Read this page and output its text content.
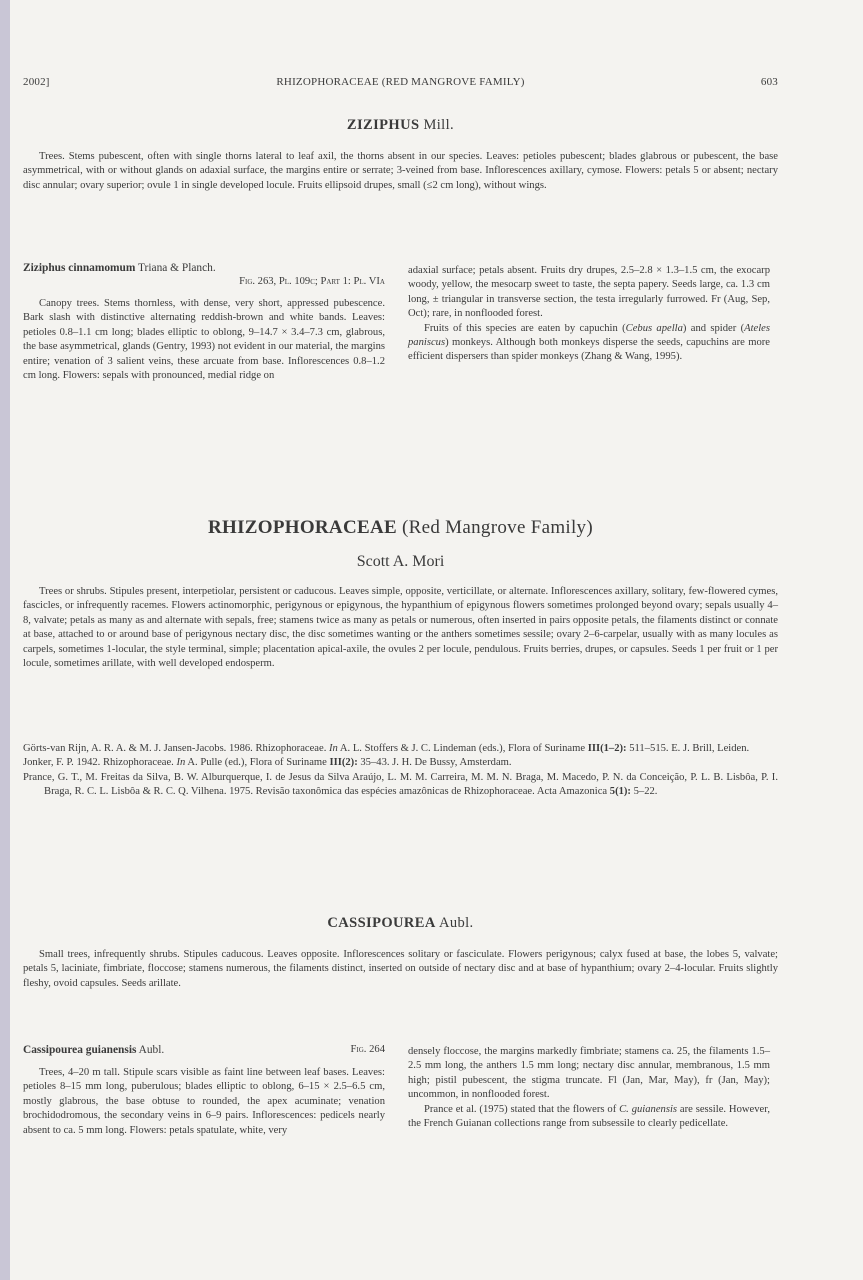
2002]	RHIZOPHORACEAE (RED MANGROVE FAMILY)	603
ZIZIPHUS Mill.

Trees. Stems pubescent, often with single thorns lateral to leaf axil, the thorns absent in our species. Leaves: petioles pubescent; blades glabrous or pubescent, the base asymmetrical, with or without glands on adaxial surface, the margins entire or serrate; 3-veined from base. Inflorescences axillary, cymose. Flowers: petals 5 or absent; nectary disc annular; ovary superior; ovule 1 in single developed locule. Fruits ellipsoid drupes, small (≤2 cm long), without wings.

Ziziphus cinnamomum Triana & Planch.

Fig. 263, Pl. 109c; Part 1: Pl. VIa

Canopy trees. Stems thornless, with dense, very short, appressed pubescence. Bark slash with distinctive alternating reddish-brown and white bands. Leaves: petioles 0.8–1.1 cm long; blades elliptic to oblong, 9–14.7 × 3.4–7.3 cm, glabrous, the base asymmetrical, glands (Gentry, 1993) not evident in our material, the margins entire; venation of 3 salient veins, these arcuate from base. Inflorescences 0.8–1.2 cm long. Flowers: sepals with pronounced, medial ridge on

adaxial surface; petals absent. Fruits dry drupes, 2.5–2.8 × 1.3–1.5 cm, the exocarp woody, yellow, the mesocarp sweet to taste, the septa papery. Seeds large, ca. 1.3 cm long, ± triangular in transverse section, the testa irregularly furrowed. Fr (Aug, Sep, Oct); rare, in nonflooded forest.

Fruits of this species are eaten by capuchin (Cebus apella) and spider (Ateles paniscus) monkeys. Although both monkeys disperse the seeds, capuchins are more efficient dispersers than spider monkeys (Zhang & Wang, 1995).

RHIZOPHORACEAE (Red Mangrove Family)
Scott A. Mori

Trees or shrubs. Stipules present, interpetiolar, persistent or caducous. Leaves simple, opposite, verticillate, or alternate. Inflorescences axillary, solitary, few-flowered cymes, fascicles, or infrequently racemes. Flowers actinomorphic, perigynous or epigynous, the hypanthium of epigynous flowers sometimes prolonged beyond ovary; sepals usually 4–8, valvate; petals as many as and alternate with sepals, free; stamens twice as many as petals or numerous, often inserted in pairs opposite petals, the filaments distinct or connate at base, attached to or around base of perigynous nectary disc, the disc sometimes wanting or the anthers sometimes sessile; ovary 2–6-carpelar, usually with as many locules as carpels, sometimes 1-locular, the style terminal, simple; placentation apical-axile, the ovules 2 per locule, pendulous. Fruits berries, drupes, or capsules. Seeds 1 per fruit or 1 per locule, sometimes arillate, with well developed endosperm.

Görts-van Rijn, A. R. A. & M. J. Jansen-Jacobs. 1986. Rhizophoraceae. In A. L. Stoffers & J. C. Lindeman (eds.), Flora of Suriname III(1–2): 511–515. E. J. Brill, Leiden.

Jonker, F. P. 1942. Rhizophoraceae. In A. Pulle (ed.), Flora of Suriname III(2): 35–43. J. H. De Bussy, Amsterdam.

Prance, G. T., M. Freitas da Silva, B. W. Alburquerque, I. de Jesus da Silva Araújo, L. M. M. Carreira, M. M. N. Braga, M. Macedo, P. N. da Conceição, P. L. B. Lisbôa, P. I. Braga, R. C. L. Lisbôa & R. C. Q. Vilhena. 1975. Revisão taxonômica das espécies amazônicas de Rhizophoraceae. Acta Amazonica 5(1): 5–22.

CASSIPOUREA Aubl.

Small trees, infrequently shrubs. Stipules caducous. Leaves opposite. Inflorescences solitary or fasciculate. Flowers perigynous; calyx fused at base, the lobes 5, valvate; petals 5, laciniate, fimbriate, floccose; stamens numerous, the filaments distinct, inserted on outside of nectary disc and at base of hypanthium; ovary 2–4-locular. Fruits slightly fleshy, ovoid capsules. Seeds arillate.

Fig. 264
Cassipourea guianensis Aubl.

Trees, 4–20 m tall. Stipule scars visible as faint line between leaf bases. Leaves: petioles 8–15 mm long, puberulous; blades elliptic to oblong, 6–15 × 2.5–6.5 cm, mostly glabrous, the base obtuse to rounded, the apex acuminate; venation brochidodromous, the secondary veins in 6–9 pairs. Inflorescences: pedicels nearly absent to ca. 5 mm long. Flowers: petals spatulate, white, very

densely floccose, the margins markedly fimbriate; stamens ca. 25, the filaments 1.5–2.5 mm long, the anthers 1.5 mm long; nectary disc annular, membranous, 1.5 mm high; pistil pubescent, the stigma truncate. Fl (Jan, Mar, May), fr (Jan, May); uncommon, in nonflooded forest.

Prance et al. (1975) stated that the flowers of C. guianensis are sessile. However, the French Guianan collections range from subsessile to clearly pedicellate.
